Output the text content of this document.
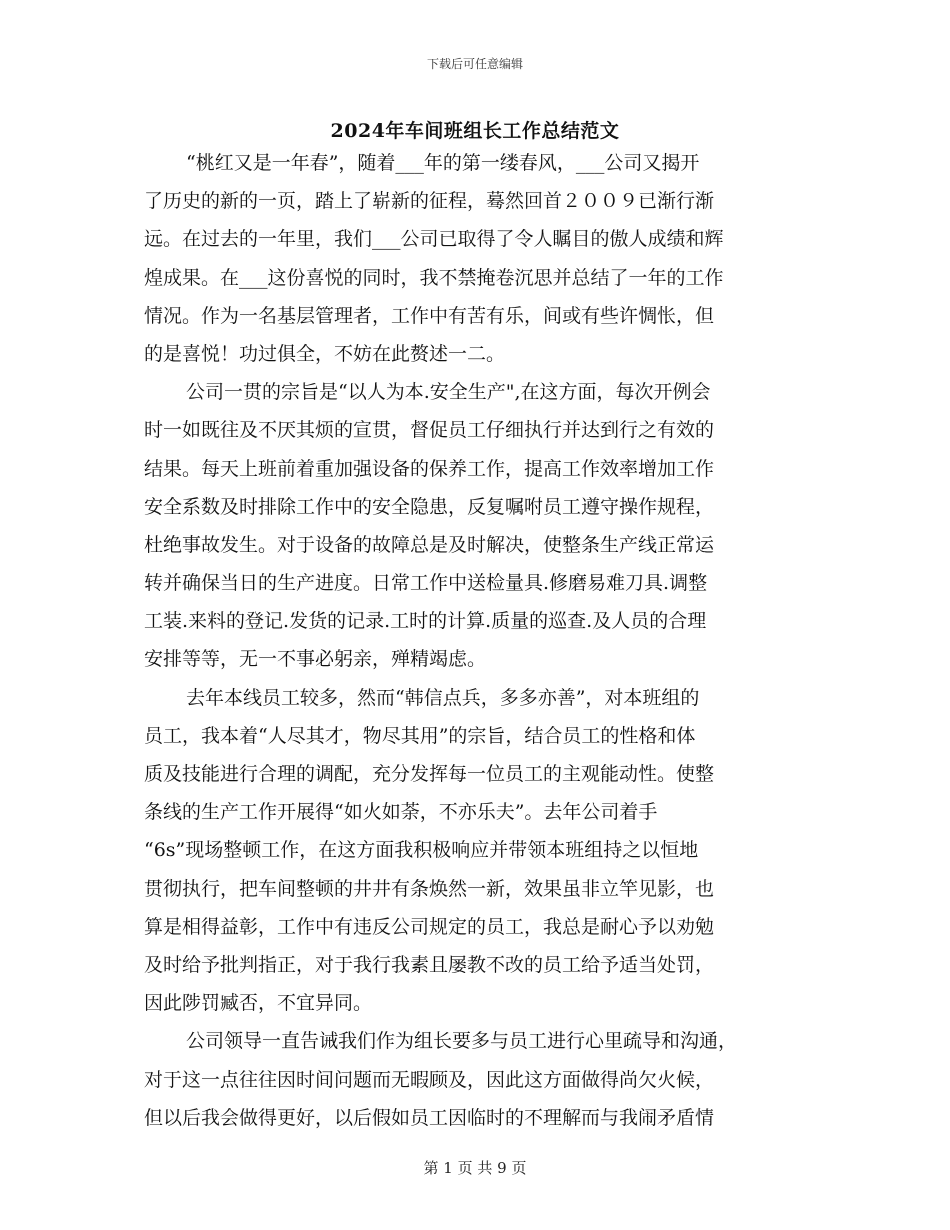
下载后可任意编辑
2024年车间班组长工作总结范文
“桃红又是一年春”，随着___年的第一缕春风，___公司又揭开
了历史的新的一页，踏上了崭新的征程，蓦然回首２００９已渐行渐
远。在过去的一年里，我们___公司已取得了令人瞩目的傲人成绩和辉
煌成果。在___这份喜悦的同时，我不禁掩卷沉思并总结了一年的工作
情况。作为一名基层管理者，工作中有苦有乐，间或有些许惆怅，但
的是喜悦！功过俱全，不妨在此赘述一二。
公司一贯的宗旨是“以人为本.安全生产",在这方面，每次开例会
时一如既往及不厌其烦的宣贯，督促员工仔细执行并达到行之有效的
结果。每天上班前着重加强设备的保养工作，提高工作效率增加工作
安全系数及时排除工作中的安全隐患，反复嘱咐员工遵守操作规程，
杜绝事故发生。对于设备的故障总是及时解决，使整条生产线正常运
转并确保当日的生产进度。日常工作中送检量具.修磨易难刀具.调整
工装.来料的登记.发货的记录.工时的计算.质量的巡查.及人员的合理
安排等等，无一不事必躬亲，殚精竭虑。
去年本线员工较多，然而“韩信点兵，多多亦善”，对本班组的
员工，我本着“人尽其才，物尽其用”的宗旨，结合员工的性格和体
质及技能进行合理的调配，充分发挥每一位员工的主观能动性。使整
条线的生产工作开展得“如火如荼，不亦乐夫”。去年公司着手
“6s”现场整顿工作，在这方面我积极响应并带领本班组持之以恒地
贯彻执行，把车间整顿的井井有条焕然一新，效果虽非立竿见影，也
算是相得益彰，工作中有违反公司规定的员工，我总是耐心予以劝勉
及时给予批判指正，对于我行我素且屡教不改的员工给予适当处罚，
因此陟罚臧否，不宜异同。
公司领导一直告诫我们作为组长要多与员工进行心里疏导和沟通，
对于这一点往往因时间问题而无暇顾及，因此这方面做得尚欠火候，
但以后我会做得更好，以后假如员工因临时的不理解而与我闹矛盾情
第 1 页 共 9 页
